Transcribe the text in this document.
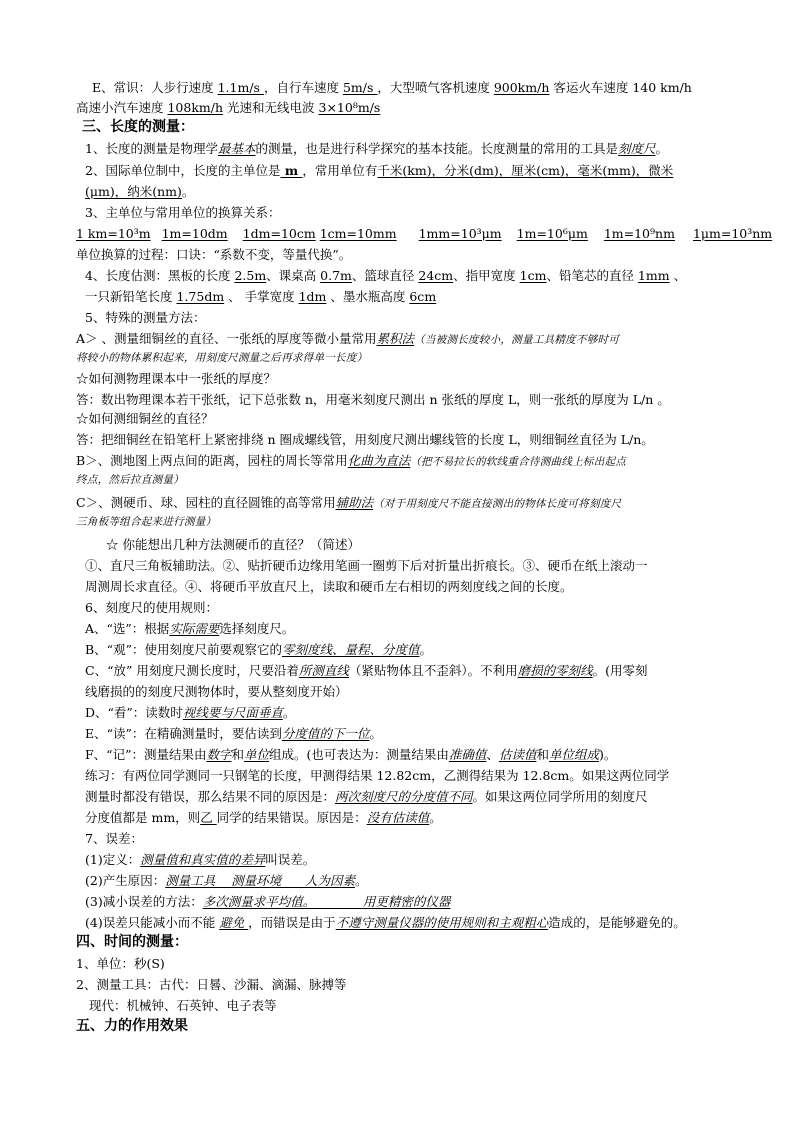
E、常识：人步行速度 1.1m/s ，自行车速度 5m/s ，大型喷气客机速度 900km/h 客运火车速度 140 km/h
高速小汽车速度 108km/h 光速和无线电波 3×10⁸m/s
三、长度的测量：
1、长度的测量是物理学最基本的测量，也是进行科学探究的基本技能。长度测量的常用的工具是刻度尺。
2、国际单位制中，长度的主单位是 m ，常用单位有千米(km)，分米(dm)，厘米(cm)，毫米(mm)，微米
(μm)，纳米(nm)。
3、主单位与常用单位的换算关系：
1 km=10³m 1m=10dm 1dm=10cm 1cm=10mm 1mm=10³μm 1m=10⁶μm 1m=10⁹nm 1μm=10³nm
单位换算的过程：口诀：“系数不变，等量代换”。
4、长度估测：黑板的长度 2.5m、课桌高 0.7m、篮球直径 24cm、指甲宽度 1cm、铅笔芯的直径 1mm 、
一只新铅笔长度 1.75dm 、 手掌宽度 1dm 、墨水瓶高度 6cm
5、特殊的测量方法：
A＞ 、测量细铜丝的直径、一张纸的厚度等微小量常用累积法（当被测长度较小，测量工具精度不够时可
将较小的物体累积起来，用刻度尺测量之后再求得单一长度）
☆如何测物理课本中一张纸的厚度？
答：数出物理课本若干张纸，记下总张数 n，用毫米刻度尺测出 n 张纸的厚度 L，则一张纸的厚度为 L/n 。
☆如何测细铜丝的直径？
答：把细铜丝在铅笔杆上紧密排绕 n 圈成螺线管，用刻度尺测出螺线管的长度 L，则细铜丝直径为 L/n。
B＞、测地图上两点间的距离，园柱的周长等常用化曲为直法（把不易拉长的软线重合待测曲线上标出起点
终点，然后拉直测量）
C＞、测硬币、球、园柱的直径圆锥的高等常用辅助法（对于用刻度尺不能直接测出的物体长度可将刻度尺
三角板等组合起来进行测量）
☆ 你能想出几种方法测硬币的直径？（简述）
①、直尺三角板辅助法。②、贴折硬币边缘用笔画一圈剪下后对折量出折痕长。③、硬币在纸上滚动一
周测周长求直径。④、将硬币平放直尺上，读取和硬币左右相切的两刻度线之间的长度。
6、刻度尺的使用规则：
A、“选”：根据实际需要选择刻度尺。
B、“观”：使用刻度尺前要观察它的零刻度线、量程、分度值。
C、“放” 用刻度尺测长度时，尺要沿着所测直线（紧贴物体且不歪斜）。不利用磨损的零刻线。(用零刻
线磨损的的刻度尺测物体时，要从整刻度开始）
D、“看”：读数时视线要与尺面垂直。
E、“读”：在精确测量时，要估读到分度值的下一位。
F、“记”：测量结果由数字和单位组成。(也可表达为：测量结果由准确值、估读值和单位组成)。
练习：有两位同学测同一只钢笔的长度，甲测得结果 12.82cm，乙测得结果为 12.8cm。如果这两位同学
测量时都没有错误，那么结果不同的原因是：两次刻度尺的分度值不同。如果这两位同学所用的刻度尺
分度值都是 mm，则乙 同学的结果错误。原因是：没有估读值。
7、误差：
(1)定义：测量值和真实值的差异叫误差。
(2)产生原因：测量工具    测量环境      人为因素。
(3)减小误差的方法：多次测量求平均值。            用更精密的仪器
(4)误差只能减小而不能 避免 ，而错误是由于不遵守测量仪器的使用规则和主观粗心造成的，是能够避免的。
四、时间的测量：
1、单位：秒(S)
2、测量工具：古代：日晷、沙漏、滴漏、脉搏等
现代：机械钟、石英钟、电子表等
五、力的作用效果
